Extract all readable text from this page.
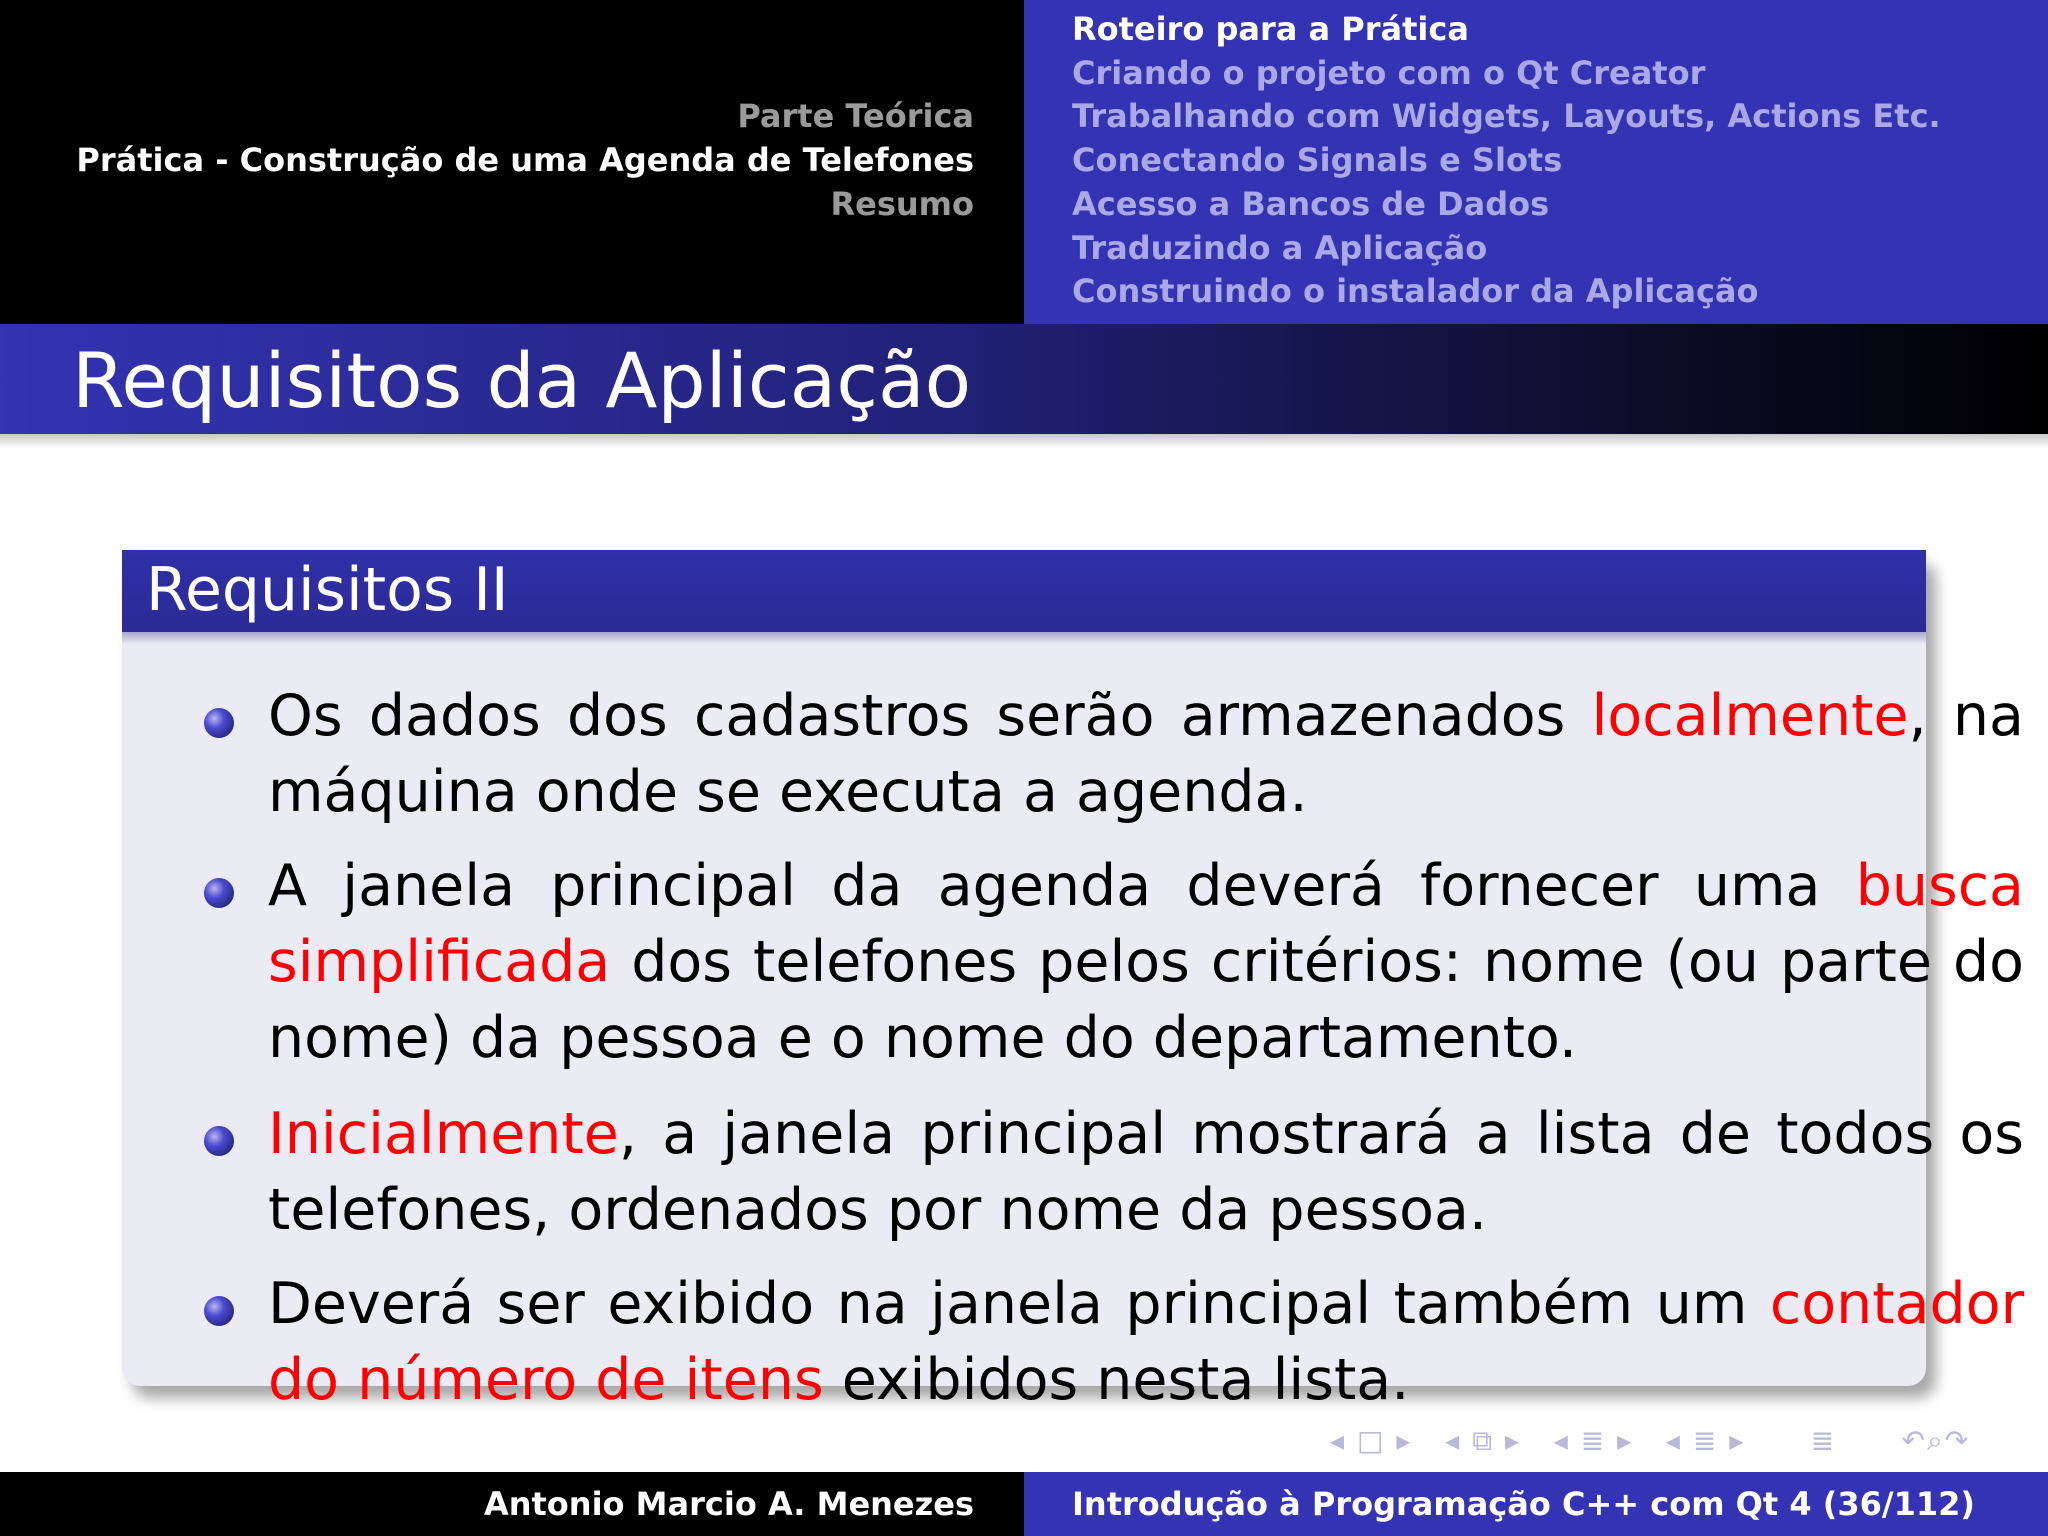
Parte Teórica
Prática - Construção de uma Agenda de Telefones
Resumo
Roteiro para a Prática
Criando o projeto com o Qt Creator
Trabalhando com Widgets, Layouts, Actions Etc.
Conectando Signals e Slots
Acesso a Bancos de Dados
Traduzindo a Aplicação
Construindo o instalador da Aplicação
Requisitos da Aplicação
Requisitos II
Os dados dos cadastros serão armazenados localmente, na máquina onde se executa a agenda.
A janela principal da agenda deverá fornecer uma busca simplificada dos telefones pelos critérios: nome (ou parte do nome) da pessoa e o nome do departamento.
Inicialmente, a janela principal mostrará a lista de todos os telefones, ordenados por nome da pessoa.
Deverá ser exibido na janela principal também um contador do número de itens exibidos nesta lista.
◂ □ ▸ ◂ ⧉ ▸ ◂ ≣ ▸ ◂ ≣ ▸ ≣ ↶⌕↷
Antonio Marcio A. Menezes	Introdução à Programação C++ com Qt 4 (36/112)
